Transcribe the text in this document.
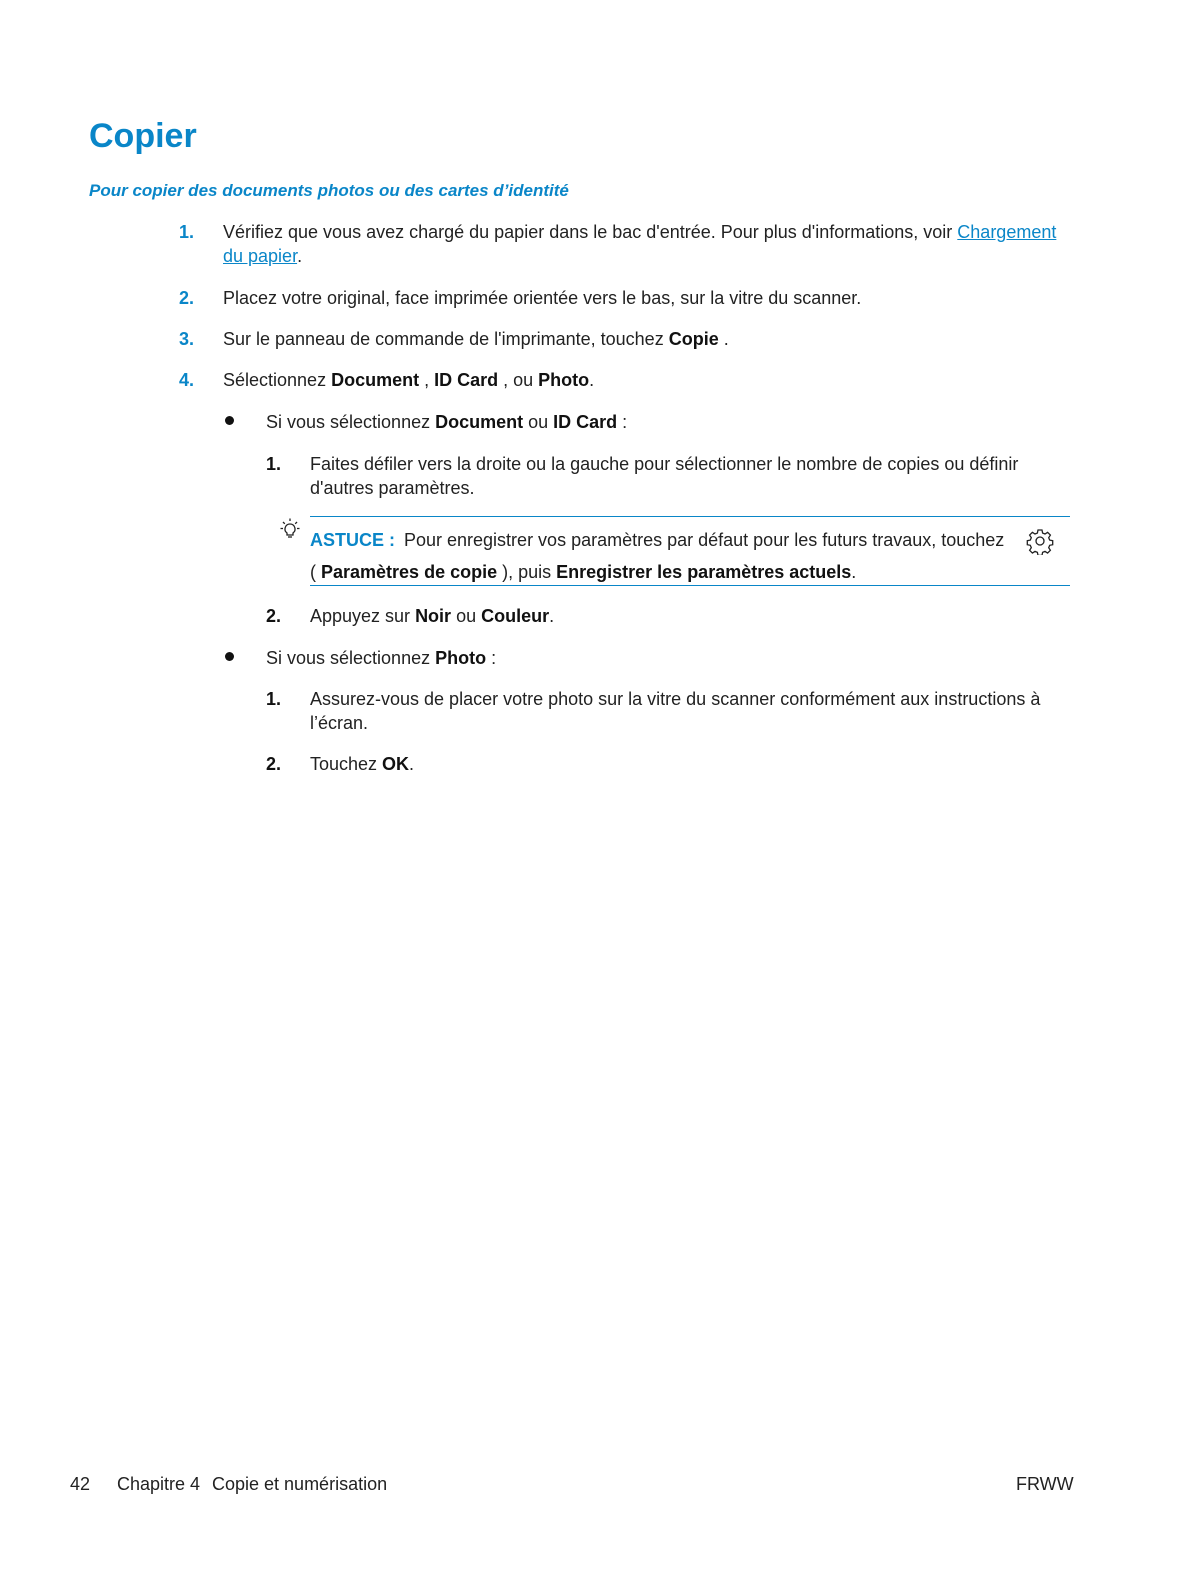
Copier
Pour copier des documents photos ou des cartes d’identité
1. Vérifiez que vous avez chargé du papier dans le bac d'entrée. Pour plus d'informations, voir Chargement
du papier.
2. Placez votre original, face imprimée orientée vers le bas, sur la vitre du scanner.
3. Sur le panneau de commande de l'imprimante, touchez Copie .
4. Sélectionnez Document , ID Card , ou Photo.
Si vous sélectionnez Document ou ID Card :
1. Faites défiler vers la droite ou la gauche pour sélectionner le nombre de copies ou définir
d'autres paramètres.
ASTUCE : Pour enregistrer vos paramètres par défaut pour les futurs travaux, touchez
( Paramètres de copie ), puis Enregistrer les paramètres actuels.
2. Appuyez sur Noir ou Couleur.
Si vous sélectionnez Photo :
1. Assurez-vous de placer votre photo sur la vitre du scanner conformément aux instructions à
l’écran.
2. Touchez OK.
42 Chapitre 4 Copie et numérisation	FRWW
